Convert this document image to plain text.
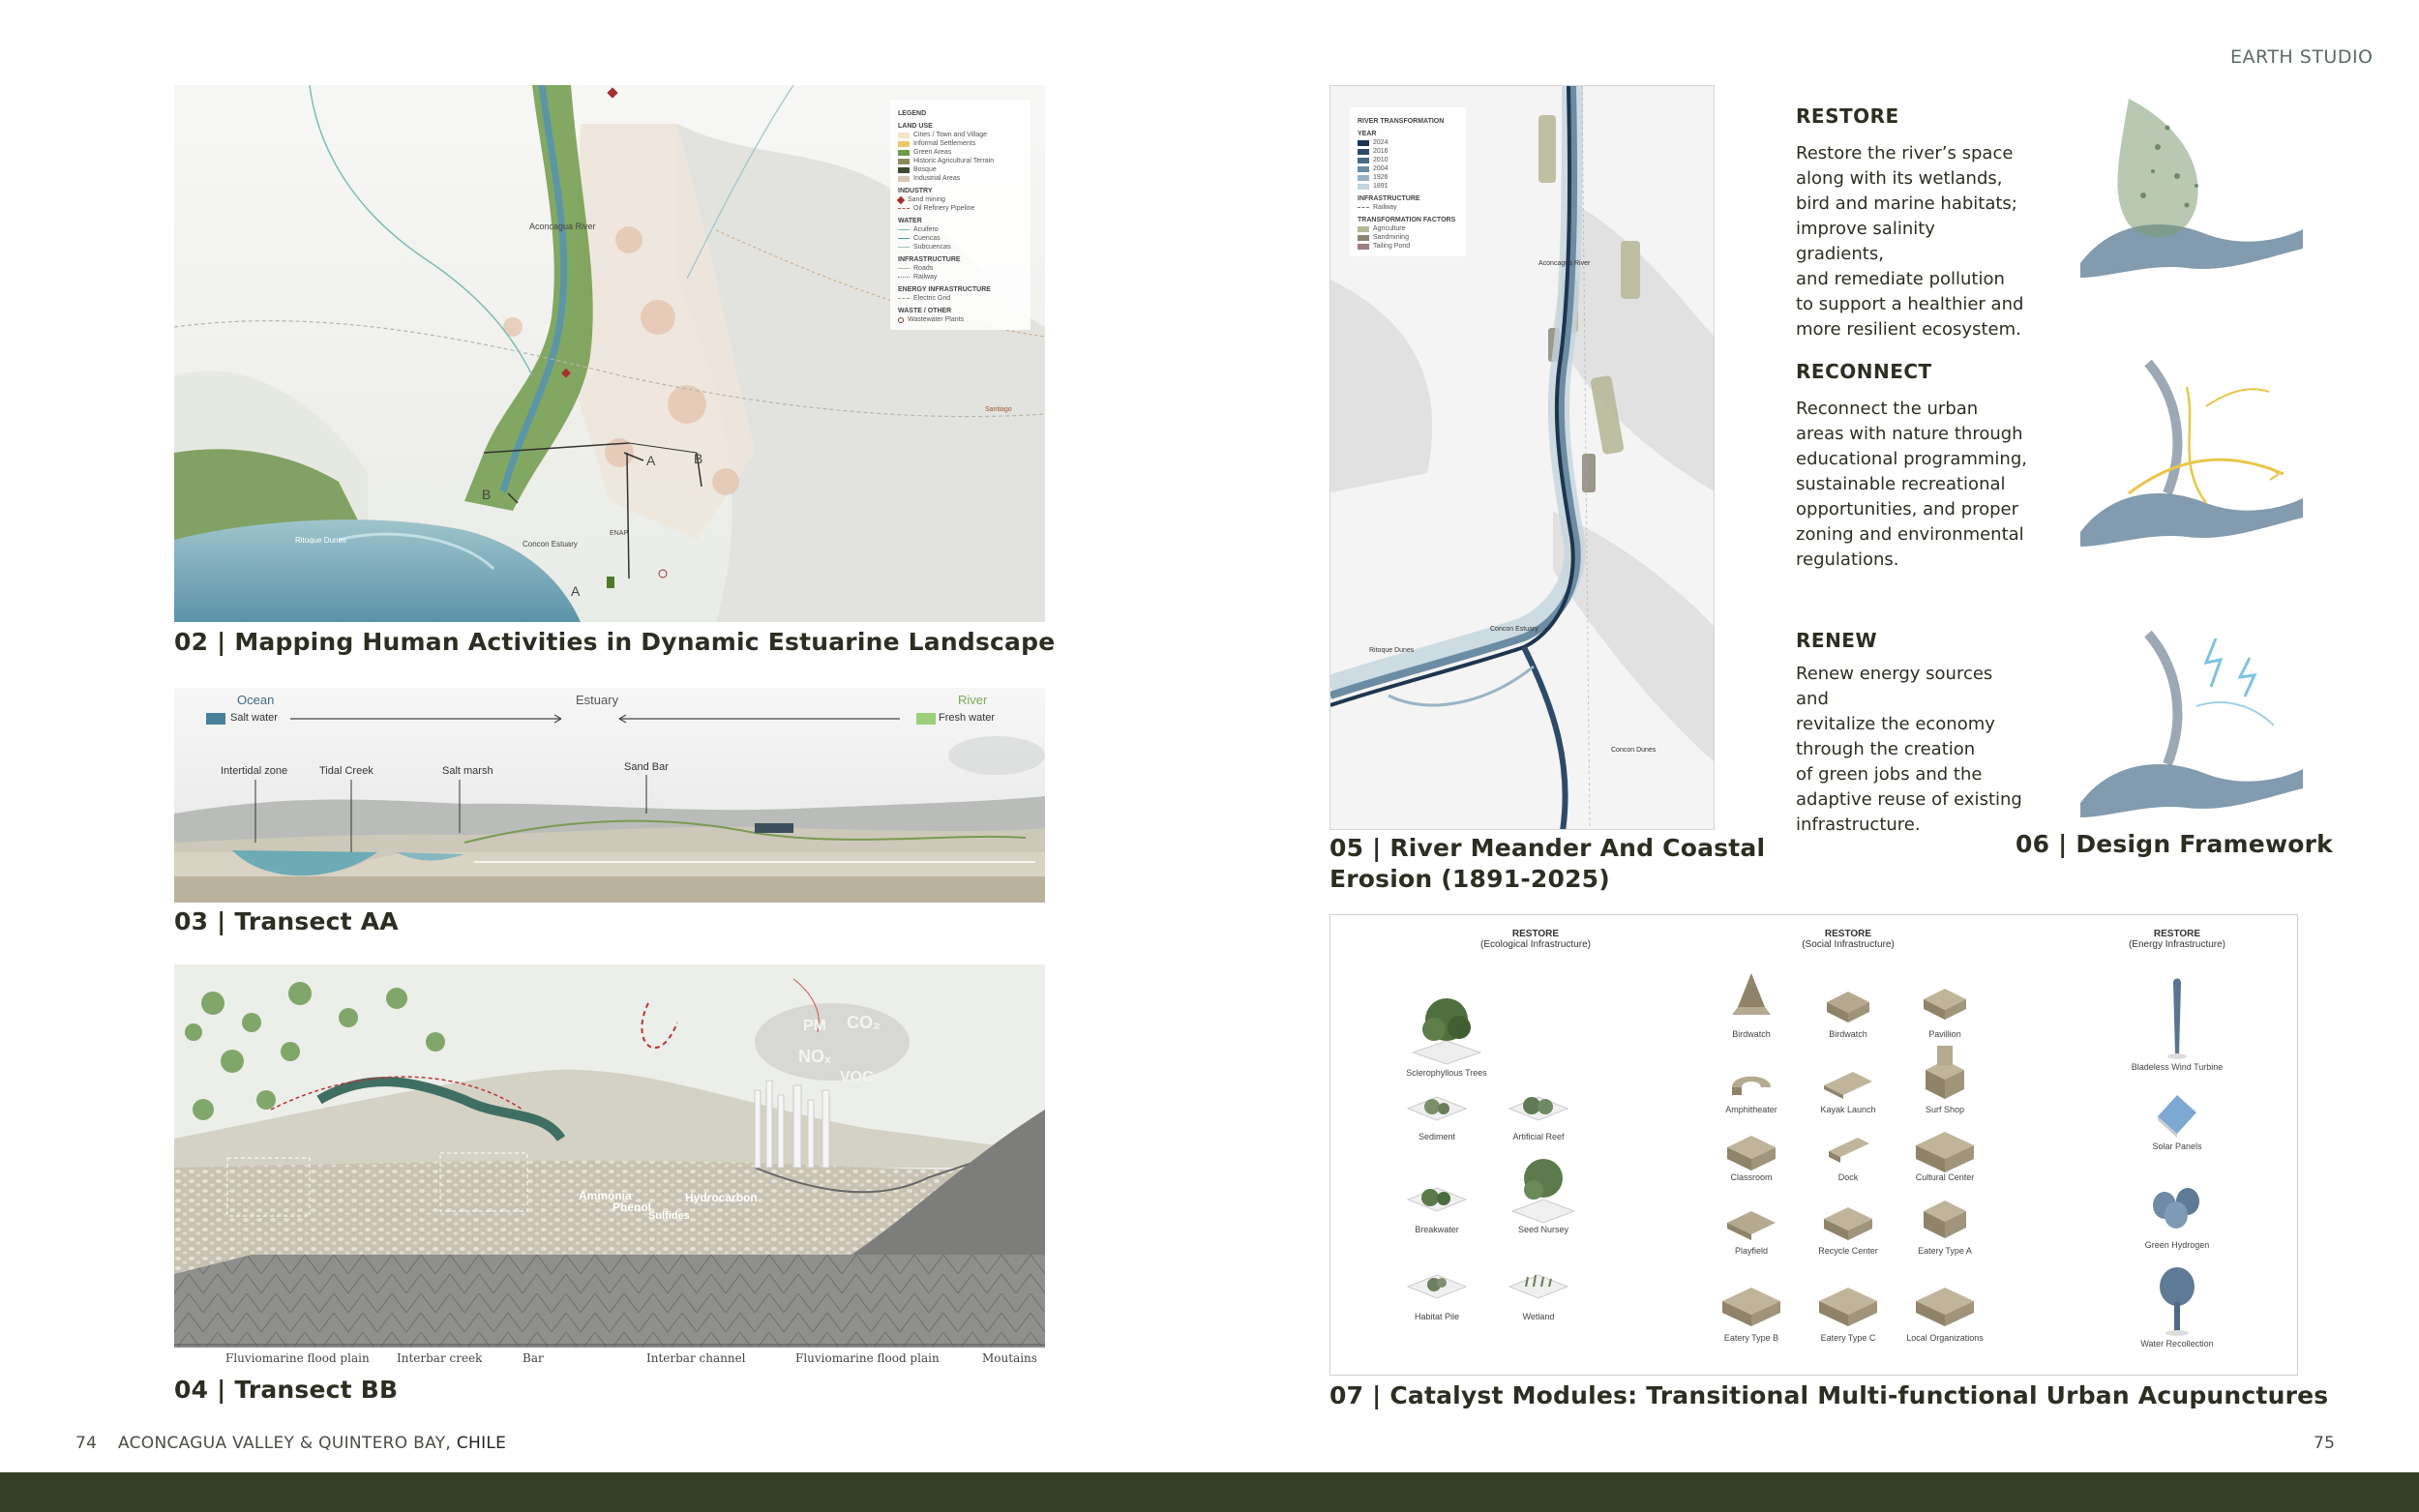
EARTH STUDIO
Aconcagua River
Ritoque Dunes	Concon Estuary
ENAP
Santiago
A
A
B
B
LEGEND
LAND USE
Cities / Town and Village
Informal Settlements
Green Areas
Historic Agricultural Terrain
Bosque
Industrial Areas
INDUSTRY
Sand mining
Oil Refinery Pipeline
WATER
Acuifero
Cuencas
Subcuencas
INFRASTRUCTURE
Roads
Railway
ENERGY INFRASTRUCTURE
Electric Grid
WASTE / OTHER
Wastewater Plants
02 | Mapping Human Activities in Dynamic Estuarine Landscape
Ocean	Estuary	River
Salt water	Fresh water
Intertidal zone	Tidal Creek	Salt marsh	Sand Bar
03 | Transect AA
PM CO₂
NOₓ
VOC
Ammonia
Phenol
Sulfides
Hydrocarbon
Fluviomarine flood plain Interbar creek	Bar	Interbar channel	Fluviomarine flood plain	Moutains
04 | Transect BB
Aconcagua River
Concon Estuary
Ritoque Dunes
Concon Dunes
RIVER TRANSFORMATION
YEAR
2024
2016
2010
2004
1926
1891
INFRASTRUCTURE
Railway
TRANSFORMATION FACTORS
Agriculture
Sandmining
Tailing Pond
05 | River Meander And Coastal
Erosion (1891-2025)
RESTORE
Restore the river’s space
along with its wetlands,
bird and marine habitats;
improve salinity gradients,
and remediate pollution
to support a healthier and
more resilient ecosystem.
RECONNECT
Reconnect the urban
areas with nature through
educational programming,
sustainable recreational
opportunities, and proper
zoning and environmental
regulations.
RENEW
Renew energy sources and
revitalize the economy
through the creation
of green jobs and the
adaptive reuse of existing
infrastructure.
06 | Design Framework
RESTORE
(Ecological Infrastructure)
RESTORE
(Social Infrastructure)
RESTORE
(Energy Infrastructure)
Sclerophyllous Trees
Sediment	Artificial Reef
Breakwater	Seed Nursey
Habitat Pile	Wetland
Birdwatch	Birdwatch	Pavillion
Amphitheater	Kayak Launch	Surf Shop
Classroom	Dock	Cultural Center
Playfield	Recycle Center	Eatery Type A
Eatery Type B	Eatery Type C	Local Organizations
Bladeless Wind Turbine
Solar Panels
Green Hydrogen
Water Recollection
07 | Catalyst Modules: Transitional Multi-functional Urban Acupunctures
74 ACONCAGUA VALLEY & QUINTERO BAY, CHILE	75
